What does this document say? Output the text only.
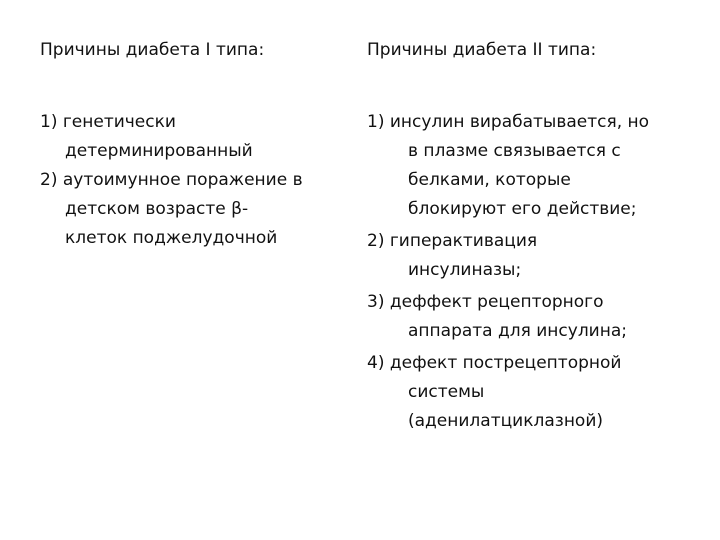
Причины диабета I типа:
1) генетически
детерминированный
2) аутоимунное поражение в
детском возрасте β-
клеток поджелудочной
Причины диабета II типа:
1) инсулин вирабатывается, но
в плазме связывается с
белками, которые
блокируют его действие;
2) гиперактивация
инсулиназы;
3) деффект рецепторного
аппарата для инсулина;
4) дефект пострецепторной
системы
(аденилатциклазной)
